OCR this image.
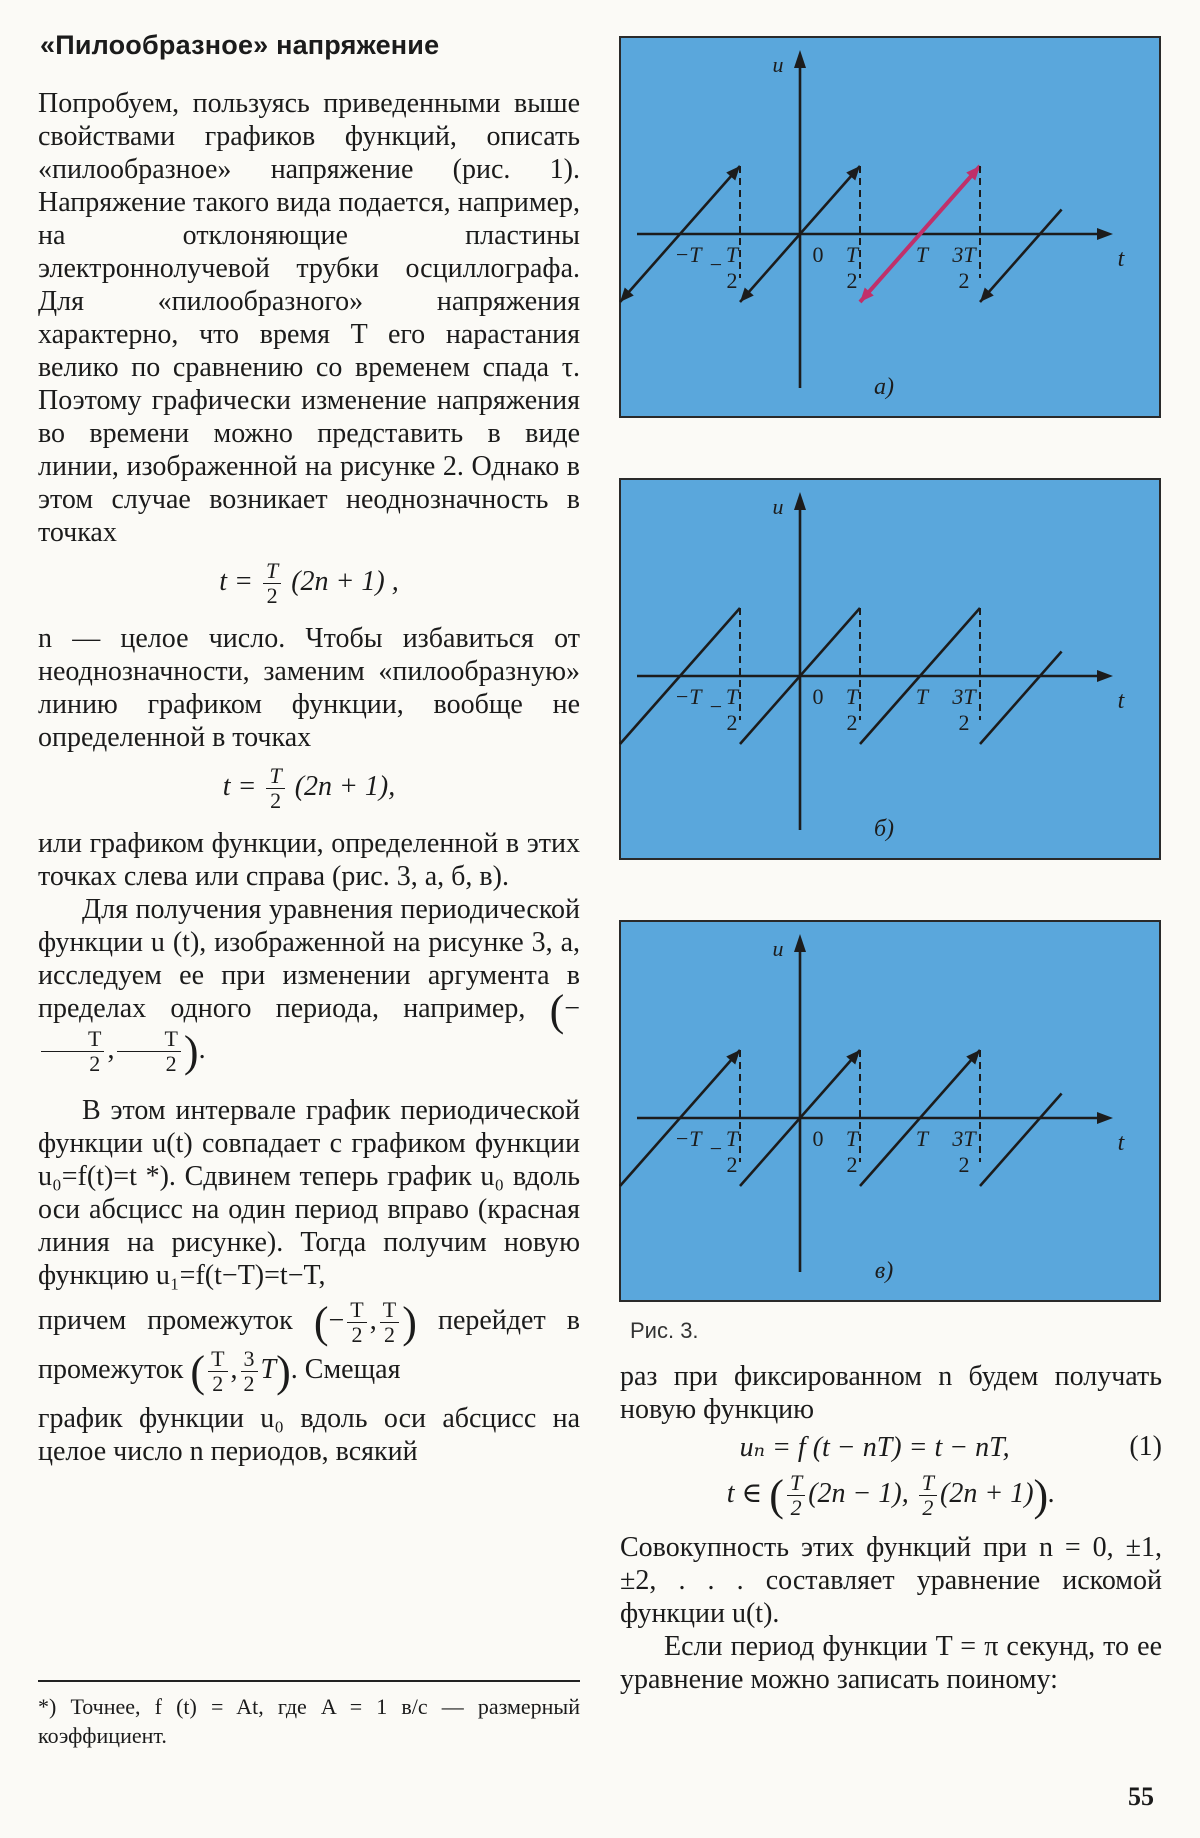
«Пилообразное» напряжение

Попробуем, пользуясь приведенными выше свойствами графиков функций, описать «пилообразное» напряжение (рис. 1). Напряжение такого вида подается, например, на отклоняющие пластины электроннолучевой трубки осциллографа. Для «пилообразного» напряжения характерно, что время T его нарастания велико по сравнению со временем спада τ. Поэтому графически изменение напряжения во времени можно представить в виде линии, изображенной на рисунке 2. Однако в этом случае возникает неоднозначность в точках

$t = \frac{T}{2} (2n + 1)$ ,

n — целое число. Чтобы избавиться от неоднозначности, заменим «пилообразную» линию графиком функции, вообще не определенной в точках

$t = \frac{T}{2} (2n + 1)$,

или графиком функции, определенной в этих точках слева или справа (рис. 3, а, б, в).

Для получения уравнения периодической функции u (t), изображенной на рисунке 3, а, исследуем ее при изменении аргумента в пределах одного периода, например, (−
$\frac{T}{2}$ , $\frac{T}{2}$ ).

В этом интервале график периодической функции u(t) совпадает с графиком функции u₀=f(t)=t *). Сдвинем теперь график u₀ вдоль оси абсцисс на один период вправо (красная линия на рисунке). Тогда получим новую функцию u₁=f(t−T)=t−T,

причем промежуток (− $\frac{T}{2}$ , $\frac{T}{2}$ ) перейдет в промежуток ( $\frac{T}{2}$ , $\frac{3}{2} T$). Смещая

график функции u₀ вдоль оси абсцисс на целое число n периодов, всякий

*) Точнее, f (t) = At, где A = 1 в/с — размерный коэффициент.
u
t
−T − T
2
0 T
2
T 3T
2
а)
u
t
−T − T
2
0 T
2
T 3T
2
б)
u
t
−T − T
2
0 T
2
T 3T
2
в)
Рис. 3.

раз при фиксированном n будем получать новую функцию

uₙ = f (t − nT) = t − nT,	(1)
t ∈ ( $\frac{T}{2} (2n - 1)$, $\frac{T}{2} (2n + 1)$).

Совокупность этих функций при n = 0, ±1, ±2, . . . составляет уравнение искомой функции u(t).

Если период функции T = π секунд, то ее уравнение можно записать поиному:

55
